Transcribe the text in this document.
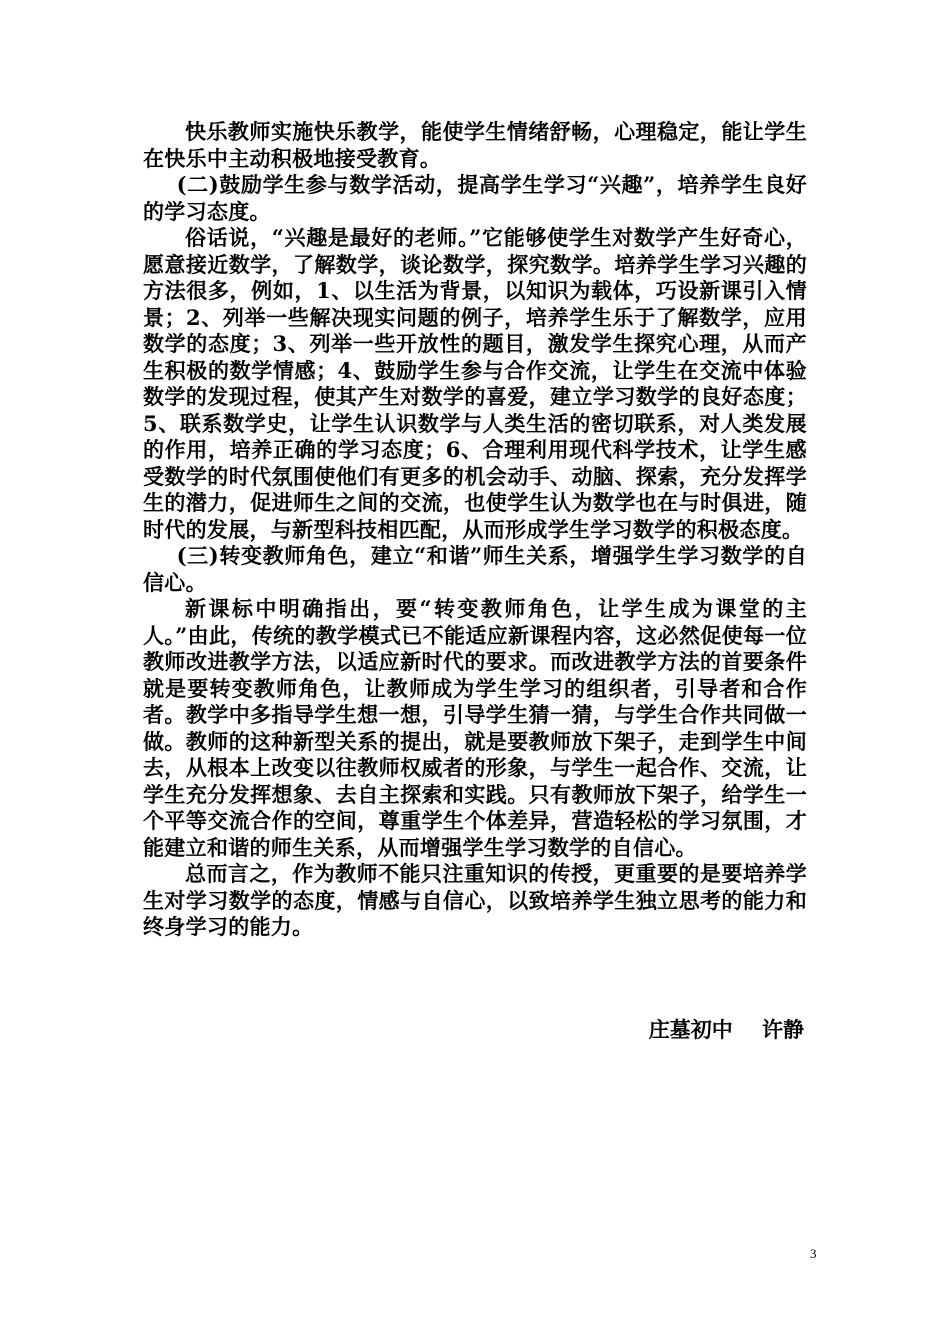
快乐教师实施快乐教学，能使学生情绪舒畅，心理稳定，能让学生在快乐中主动积极地接受教育。

(二)鼓励学生参与数学活动，提高学生学习“兴趣”，培养学生良好的学习态度。

俗话说，“兴趣是最好的老师。”它能够使学生对数学产生好奇心，愿意接近数学，了解数学，谈论数学，探究数学。培养学生学习兴趣的方法很多，例如，1、以生活为背景，以知识为载体，巧设新课引入情景；2、列举一些解决现实问题的例子，培养学生乐于了解数学，应用数学的态度；3、列举一些开放性的题目，激发学生探究心理，从而产生积极的数学情感；4、鼓励学生参与合作交流，让学生在交流中体验数学的发现过程，使其产生对数学的喜爱，建立学习数学的良好态度；5、联系数学史，让学生认识数学与人类生活的密切联系，对人类发展的作用，培养正确的学习态度；6、合理利用现代科学技术，让学生感受数学的时代氛围使他们有更多的机会动手、动脑、探索，充分发挥学生的潜力，促进师生之间的交流，也使学生认为数学也在与时俱进，随时代的发展，与新型科技相匹配，从而形成学生学习数学的积极态度。

(三)转变教师角色，建立“和谐”师生关系，增强学生学习数学的自信心。

新课标中明确指出，要“转变教师角色，让学生成为课堂的主人。”由此，传统的教学模式已不能适应新课程内容，这必然促使每一位教师改进教学方法，以适应新时代的要求。而改进教学方法的首要条件就是要转变教师角色，让教师成为学生学习的组织者，引导者和合作者。教学中多指导学生想一想，引导学生猜一猜，与学生合作共同做一做。教师的这种新型关系的提出，就是要教师放下架子，走到学生中间去，从根本上改变以往教师权威者的形象，与学生一起合作、交流，让学生充分发挥想象、去自主探索和实践。只有教师放下架子，给学生一个平等交流合作的空间，尊重学生个体差异，营造轻松的学习氛围，才能建立和谐的师生关系，从而增强学生学习数学的自信心。

总而言之，作为教师不能只注重知识的传授，更重要的是要培养学生对学习数学的态度，情感与自信心，以致培养学生独立思考的能力和终身学习的能力。

庄墓初中    许静
3
